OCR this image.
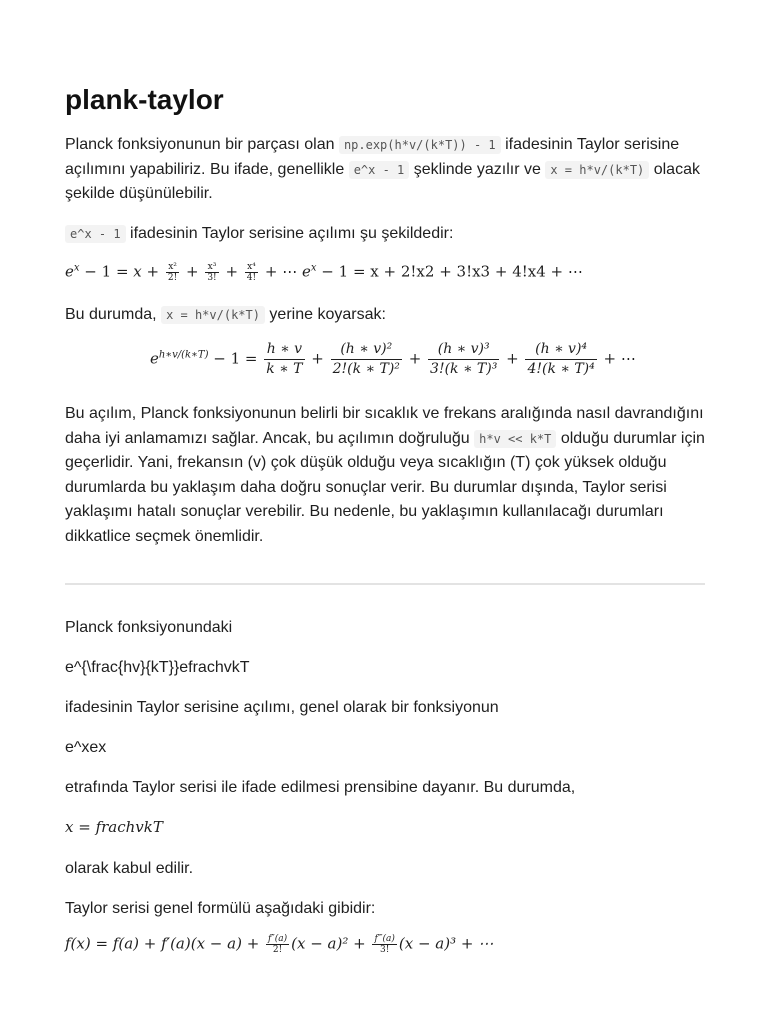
plank-taylor

Planck fonksiyonunun bir parçası olan np.exp(h*v/(k*T)) - 1 ifadesinin Taylor serisine açılımını yapabiliriz. Bu ifade, genellikle e^x - 1 şeklinde yazılır ve x = h*v/(k*T) olacak şekilde düşünülebilir.

e^x - 1 ifadesinin Taylor serisine açılımı şu şekildedir:

$e^x - 1 = x + \frac{\text{x²}}{2!} + \frac{\text{x³}}{3!} + \frac{\text{x⁴}}{4!}$ + ⋯ $e^x - 1 = x + 2!x2 + 3!x3 + 4!x4$ + ⋯

Bu durumda, x = h*v/(k*T) yerine koyarsak:

$e^{h∗v/(k∗T)} - 1 = \frac{h ∗ v}{k ∗ T} + \frac{\text{(h ∗ v)²}}{\text{2!(k ∗ T)²}} + \frac{\text{(h ∗ v)³}}{\text{3!(k ∗ T)³}} + \frac{\text{(h ∗ v)⁴}}{\text{4!(k ∗ T)⁴}}$ + ⋯

Bu açılım, Planck fonksiyonunun belirli bir sıcaklık ve frekans aralığında nasıl davrandığını daha iyi anlamamızı sağlar. Ancak, bu açılımın doğruluğu h*v << k*T olduğu durumlar için geçerlidir. Yani, frekansın (v) çok düşük olduğu veya sıcaklığın (T) çok yüksek olduğu durumlarda bu yaklaşım daha doğru sonuçlar verir. Bu durumlar dışında, Taylor serisi yaklaşımı hatalı sonuçlar verebilir. Bu nedenle, bu yaklaşımın kullanılacağı durumları dikkatlice seçmek önemlidir.

Planck fonksiyonundaki

e^{\frac{hv}{kT}}efrachvkT

ifadesinin Taylor serisine açılımı, genel olarak bir fonksiyonun

e^xex

etrafında Taylor serisi ile ifade edilmesi prensibine dayanır. Bu durumda,

x = frachvkT

olarak kabul edilir.

Taylor serisi genel formülü aşağıdaki gibidir:

$f(x) = f(a) + f'(a)(x - a) + \frac{f''(a)}{2!} (x - a)^2 + \frac{f‴(a)}{3!} (x - a)^3$ + ⋯
